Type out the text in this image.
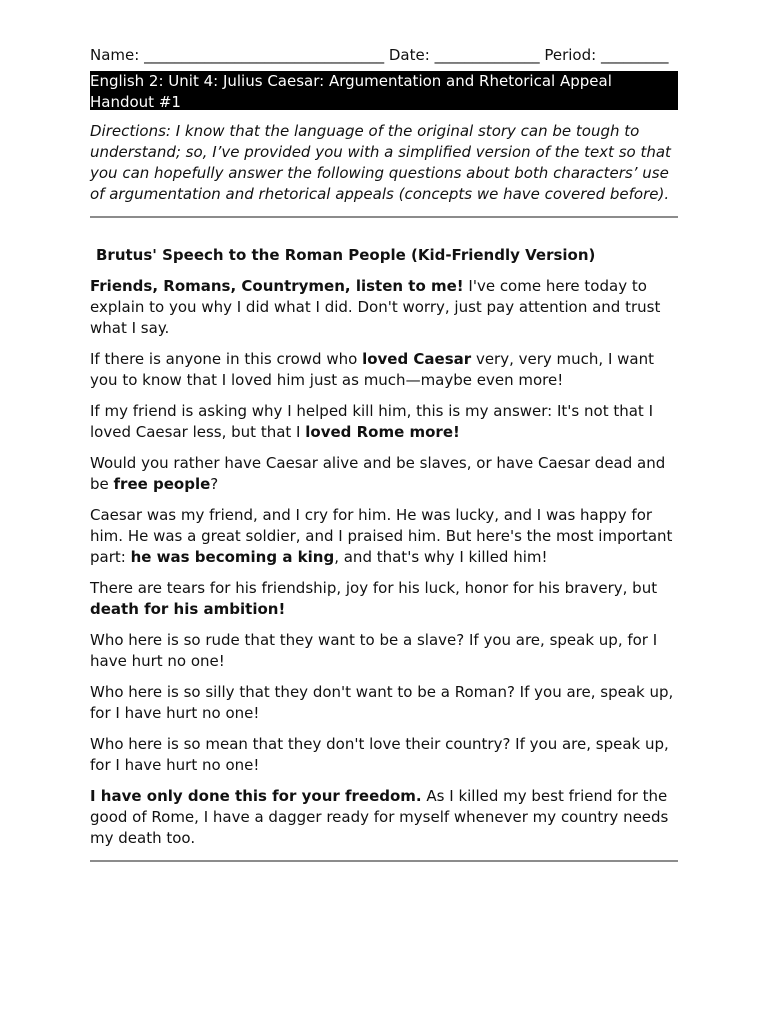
Name: ________________________________ Date: ______________ Period: _________

English 2: Unit 4: Julius Caesar: Argumentation and Rhetorical Appeal Handout #1

Directions: I know that the language of the original story can be tough to understand; so, I’ve provided you with a simplified version of the text so that you can hopefully answer the following questions about both characters’ use of argumentation and rhetorical appeals (concepts we have covered before).

Brutus' Speech to the Roman People (Kid-Friendly Version)

Friends, Romans, Countrymen, listen to me! I've come here today to explain to you why I did what I did. Don't worry, just pay attention and trust what I say.

If there is anyone in this crowd who loved Caesar very, very much, I want you to know that I loved him just as much—maybe even more!

If my friend is asking why I helped kill him, this is my answer: It's not that I loved Caesar less, but that I loved Rome more!

Would you rather have Caesar alive and be slaves, or have Caesar dead and be free people?

Caesar was my friend, and I cry for him. He was lucky, and I was happy for him. He was a great soldier, and I praised him. But here's the most important part: he was becoming a king, and that's why I killed him!

There are tears for his friendship, joy for his luck, honor for his bravery, but death for his ambition!

Who here is so rude that they want to be a slave? If you are, speak up, for I have hurt no one!

Who here is so silly that they don't want to be a Roman? If you are, speak up, for I have hurt no one!

Who here is so mean that they don't love their country? If you are, speak up, for I have hurt no one!

I have only done this for your freedom. As I killed my best friend for the good of Rome, I have a dagger ready for myself whenever my country needs my death too.
